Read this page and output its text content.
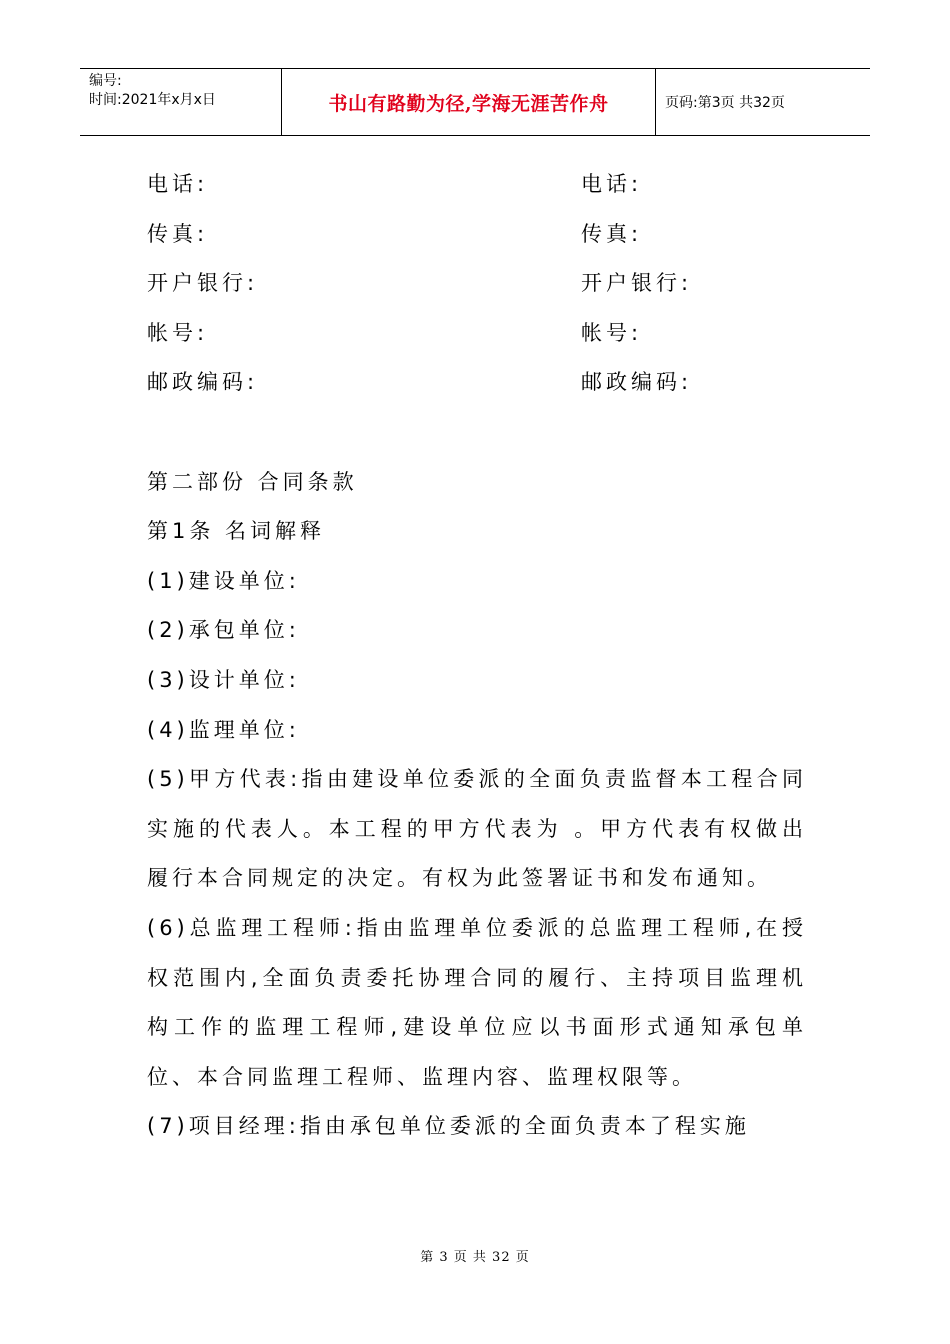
编号:
时间:2021年x月x日	书山有路勤为径,学海无涯苦作舟	页码:第3页 共32页
电话:	电话:
传真:	传真:
开户银行:	开户银行:
帐号:	帐号:
邮政编码:	邮政编码:
第二部份 合同条款
第1条 名词解释
(1)建设单位:
(2)承包单位:
(3)设计单位:
(4)监理单位:
(5)甲方代表:指由建设单位委派的全面负责监督本工程合同实施的代表人。本工程的甲方代表为 。甲方代表有权做出履行本合同规定的决定。有权为此签署证书和发布通知。
(6)总监理工程师:指由监理单位委派的总监理工程师,在授权范围内,全面负责委托协理合同的履行、主持项目监理机构工作的监理工程师,建设单位应以书面形式通知承包单位、本合同监理工程师、监理内容、监理权限等。
(7)项目经理:指由承包单位委派的全面负责本了程实施
第 3 页 共 32 页
